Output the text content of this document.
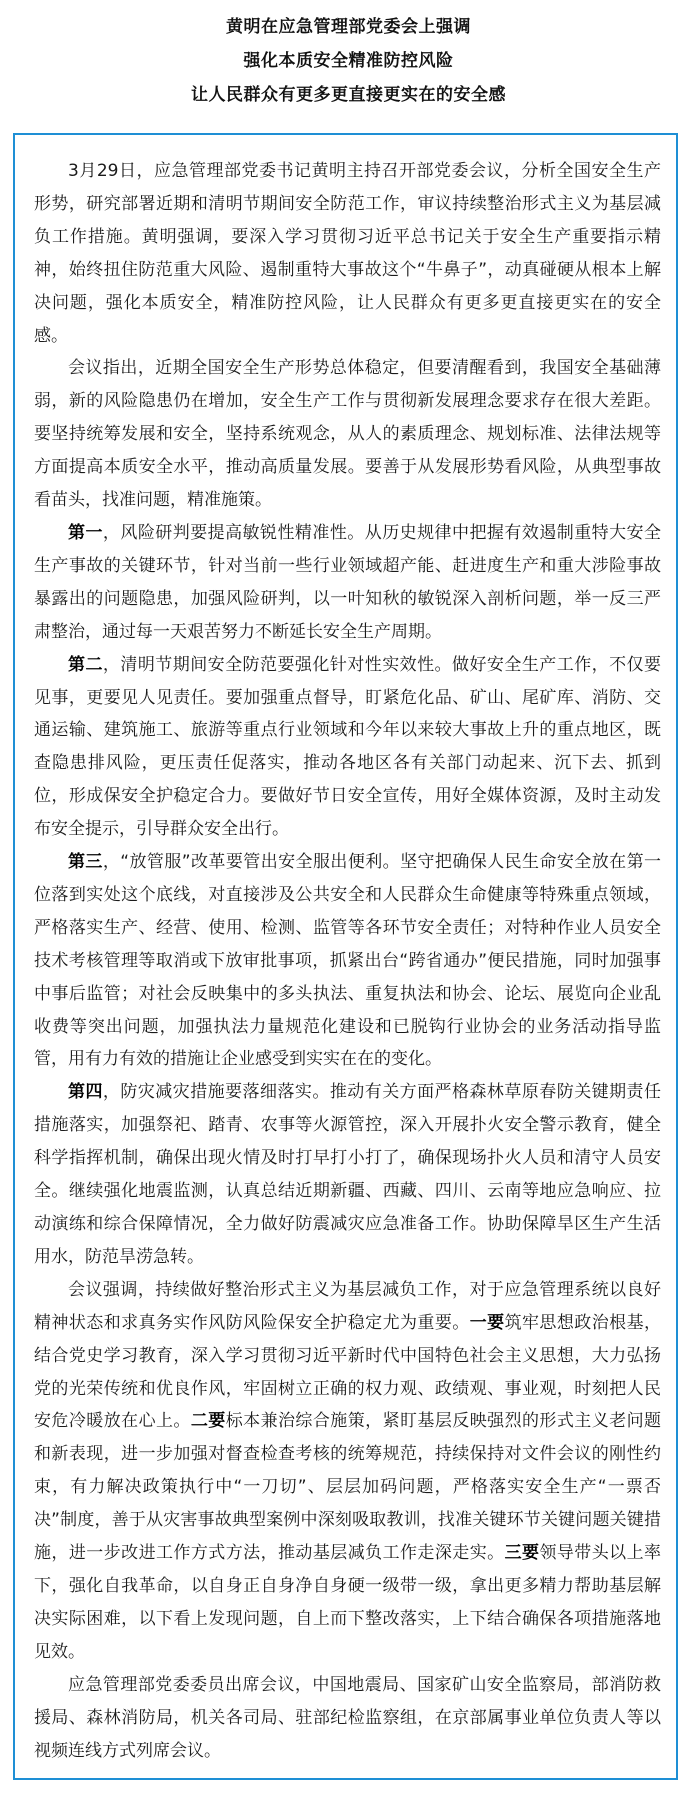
黄明在应急管理部党委会上强调
强化本质安全精准防控风险
让人民群众有更多更直接更实在的安全感

3月29日，应急管理部党委书记黄明主持召开部党委会议，分析全国安全生产形势，研究部署近期和清明节期间安全防范工作，审议持续整治形式主义为基层减负工作措施。黄明强调，要深入学习贯彻习近平总书记关于安全生产重要指示精神，始终扭住防范重大风险、遏制重特大事故这个“牛鼻子”，动真碰硬从根本上解决问题，强化本质安全，精准防控风险，让人民群众有更多更直接更实在的安全感。

会议指出，近期全国安全生产形势总体稳定，但要清醒看到，我国安全基础薄弱，新的风险隐患仍在增加，安全生产工作与贯彻新发展理念要求存在很大差距。要坚持统筹发展和安全，坚持系统观念，从人的素质理念、规划标准、法律法规等方面提高本质安全水平，推动高质量发展。要善于从发展形势看风险，从典型事故看苗头，找准问题，精准施策。

第一，风险研判要提高敏锐性精准性。从历史规律中把握有效遏制重特大安全生产事故的关键环节，针对当前一些行业领域超产能、赶进度生产和重大涉险事故暴露出的问题隐患，加强风险研判，以一叶知秋的敏锐深入剖析问题，举一反三严肃整治，通过每一天艰苦努力不断延长安全生产周期。

第二，清明节期间安全防范要强化针对性实效性。做好安全生产工作，不仅要见事，更要见人见责任。要加强重点督导，盯紧危化品、矿山、尾矿库、消防、交通运输、建筑施工、旅游等重点行业领域和今年以来较大事故上升的重点地区，既查隐患排风险，更压责任促落实，推动各地区各有关部门动起来、沉下去、抓到位，形成保安全护稳定合力。要做好节日安全宣传，用好全媒体资源，及时主动发布安全提示，引导群众安全出行。

第三，“放管服”改革要管出安全服出便利。坚守把确保人民生命安全放在第一位落到实处这个底线，对直接涉及公共安全和人民群众生命健康等特殊重点领域，严格落实生产、经营、使用、检测、监管等各环节安全责任；对特种作业人员安全技术考核管理等取消或下放审批事项，抓紧出台“跨省通办”便民措施，同时加强事中事后监管；对社会反映集中的多头执法、重复执法和协会、论坛、展览向企业乱收费等突出问题，加强执法力量规范化建设和已脱钩行业协会的业务活动指导监管，用有力有效的措施让企业感受到实实在在的变化。

第四，防灾减灾措施要落细落实。推动有关方面严格森林草原春防关键期责任措施落实，加强祭祀、踏青、农事等火源管控，深入开展扑火安全警示教育，健全科学指挥机制，确保出现火情及时打早打小打了，确保现场扑火人员和清守人员安全。继续强化地震监测，认真总结近期新疆、西藏、四川、云南等地应急响应、拉动演练和综合保障情况，全力做好防震减灾应急准备工作。协助保障旱区生产生活用水，防范旱涝急转。

会议强调，持续做好整治形式主义为基层减负工作，对于应急管理系统以良好精神状态和求真务实作风防风险保安全护稳定尤为重要。一要筑牢思想政治根基，结合党史学习教育，深入学习贯彻习近平新时代中国特色社会主义思想，大力弘扬党的光荣传统和优良作风，牢固树立正确的权力观、政绩观、事业观，时刻把人民安危冷暖放在心上。二要标本兼治综合施策，紧盯基层反映强烈的形式主义老问题和新表现，进一步加强对督查检查考核的统筹规范，持续保持对文件会议的刚性约束，有力解决政策执行中“一刀切”、层层加码问题，严格落实安全生产“一票否决”制度，善于从灾害事故典型案例中深刻吸取教训，找准关键环节关键问题关键措施，进一步改进工作方式方法，推动基层减负工作走深走实。三要领导带头以上率下，强化自我革命，以自身正自身净自身硬一级带一级，拿出更多精力帮助基层解决实际困难，以下看上发现问题，自上而下整改落实，上下结合确保各项措施落地见效。

应急管理部党委委员出席会议，中国地震局、国家矿山安全监察局，部消防救援局、森林消防局，机关各司局、驻部纪检监察组，在京部属事业单位负责人等以视频连线方式列席会议。
